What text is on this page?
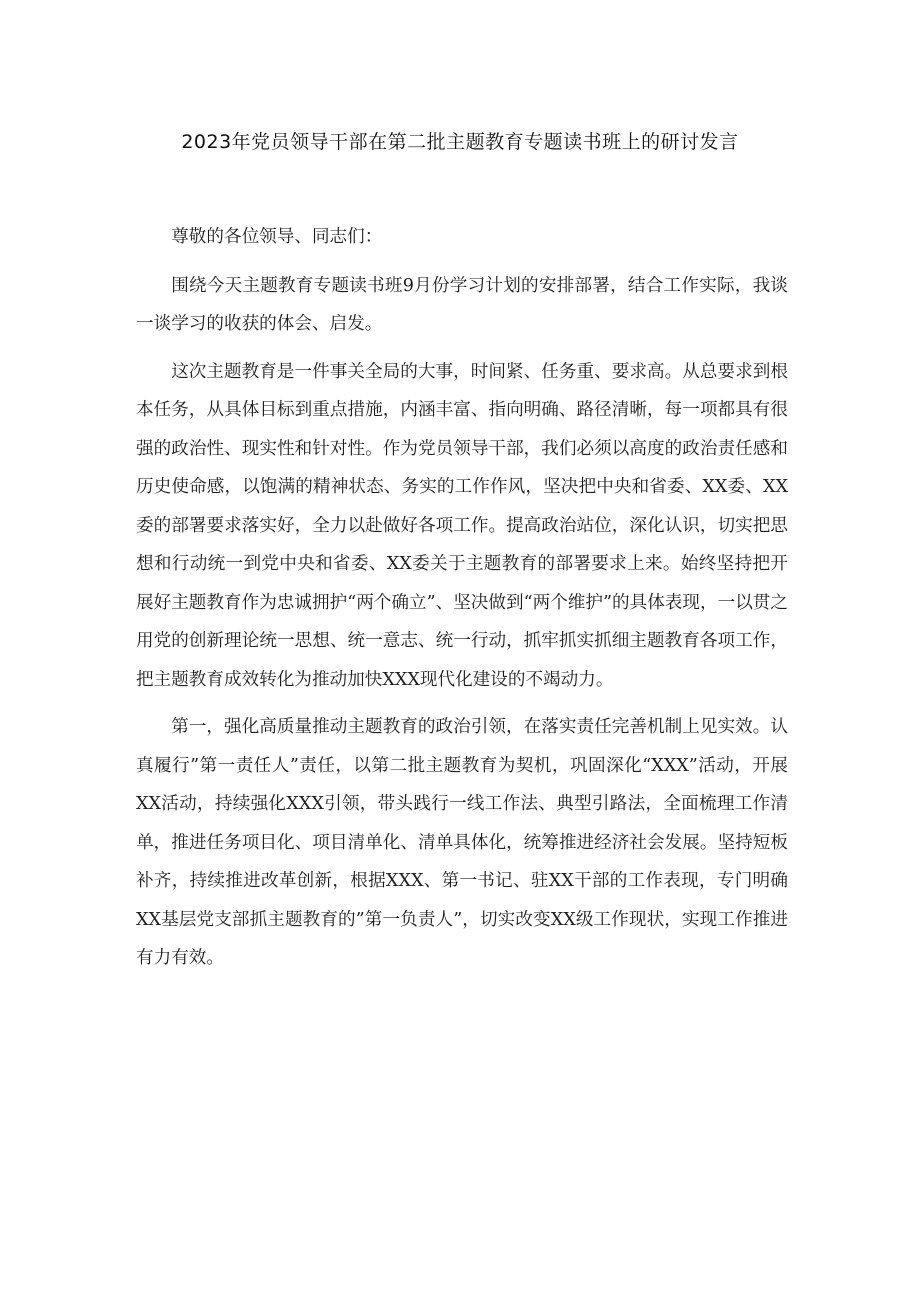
2023年党员领导干部在第二批主题教育专题读书班上的研讨发言

尊敬的各位领导、同志们：

围绕今天主题教育专题读书班9月份学习计划的安排部署，结合工作实际，我谈一谈学习的收获的体会、启发。

这次主题教育是一件事关全局的大事，时间紧、任务重、要求高。从总要求到根本任务，从具体目标到重点措施，内涵丰富、指向明确、路径清晰，每一项都具有很强的政治性、现实性和针对性。作为党员领导干部，我们必须以高度的政治责任感和历史使命感，以饱满的精神状态、务实的工作作风，坚决把中央和省委、XX委、XX委的部署要求落实好，全力以赴做好各项工作。提高政治站位，深化认识，切实把思想和行动统一到党中央和省委、XX委关于主题教育的部署要求上来。始终坚持把开展好主题教育作为忠诚拥护“两个确立”、坚决做到“两个维护”的具体表现，一以贯之用党的创新理论统一思想、统一意志、统一行动，抓牢抓实抓细主题教育各项工作，把主题教育成效转化为推动加快XXX现代化建设的不竭动力。

第一，强化高质量推动主题教育的政治引领，在落实责任完善机制上见实效。认真履行”第一责任人”责任，以第二批主题教育为契机，巩固深化“XXX”活动，开展XX活动，持续强化XXX引领，带头践行一线工作法、典型引路法，全面梳理工作清单，推进任务项目化、项目清单化、清单具体化，统筹推进经济社会发展。坚持短板补齐，持续推进改革创新，根据XXX、第一书记、驻XX干部的工作表现，专门明确XX基层党支部抓主题教育的”第一负责人”，切实改变XX级工作现状，实现工作推进有力有效。
